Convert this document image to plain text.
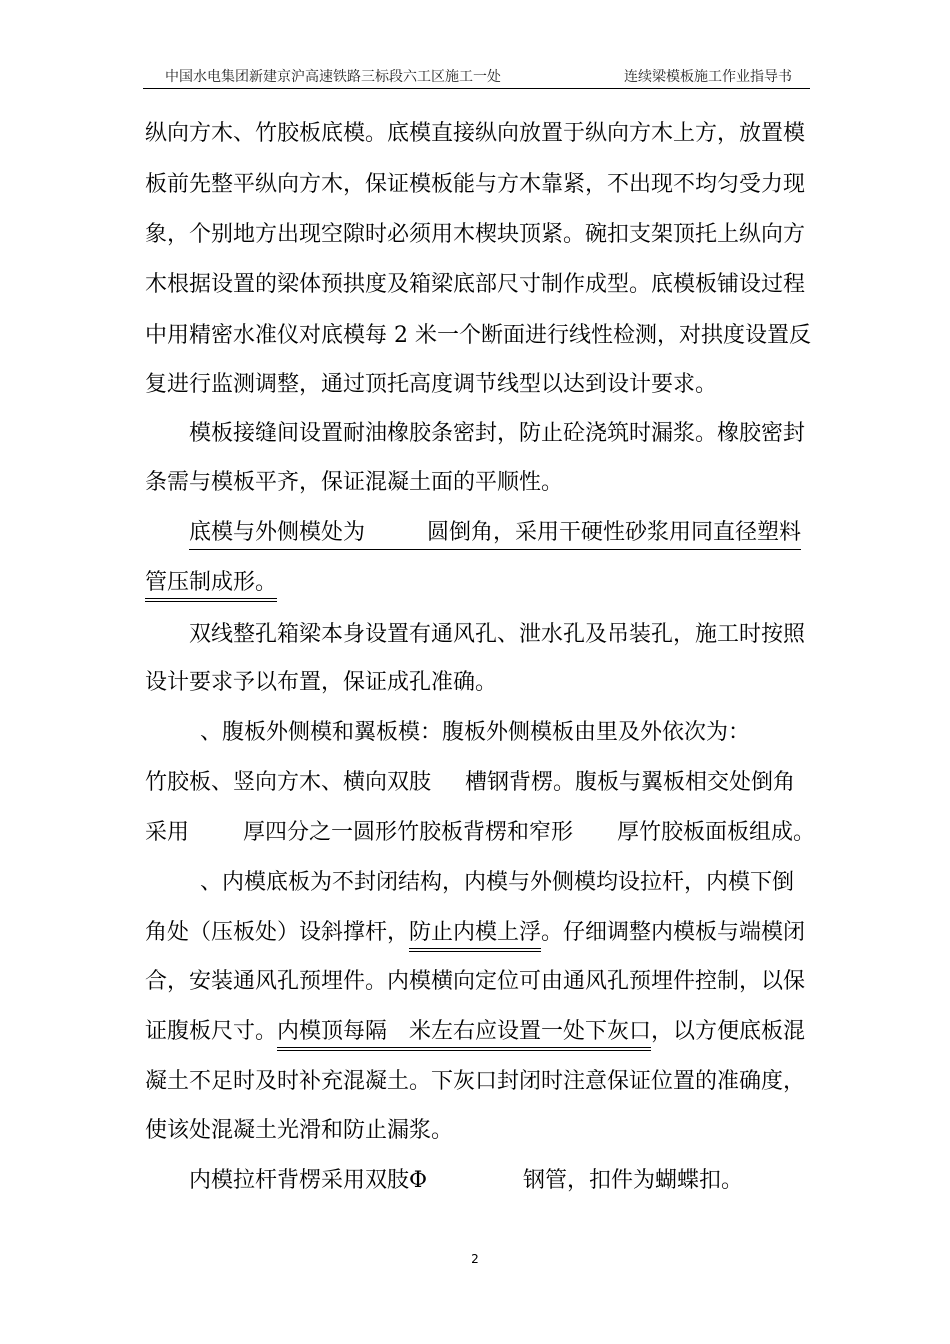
中国水电集团新建京沪高速铁路三标段六工区施工一处	连续梁模板施工作业指导书
纵向方木、竹胶板底模。底模直接纵向放置于纵向方木上方，放置模
板前先整平纵向方木，保证模板能与方木靠紧，不出现不均匀受力现
象，个别地方出现空隙时必须用木楔块顶紧。碗扣支架顶托上纵向方
木根据设置的梁体预拱度及箱梁底部尺寸制作成型。底模板铺设过程
中用精密水准仪对底模每 2 米一个断面进行线性检测，对拱度设置反
复进行监测调整，通过顶托高度调节线型以达到设计要求。
模板接缝间设置耐油橡胶条密封，防止砼浇筑时漏浆。橡胶密封
条需与模板平齐，保证混凝土面的平顺性。
底模与外侧模处为	圆倒角，采用干硬性砂浆用同直径塑料
管压制成形。
双线整孔箱梁本身设置有通风孔、泄水孔及吊装孔，施工时按照
设计要求予以布置，保证成孔准确。
、腹板外侧模和翼板模：腹板外侧模板由里及外依次为：
竹胶板、竖向方木、横向双肢 槽钢背楞。腹板与翼板相交处倒角
采用 厚四分之一圆形竹胶板背楞和窄形 厚竹胶板面板组成。
、内模底板为不封闭结构，内模与外侧模均设拉杆，内模下倒
角处（压板处）设斜撑杆，防止内模上浮。仔细调整内模板与端模闭
合，安装通风孔预埋件。内模横向定位可由通风孔预埋件控制，以保
证腹板尺寸。内模顶每隔 米左右应设置一处下灰口，以方便底板混
凝土不足时及时补充混凝土。下灰口封闭时注意保证位置的准确度，
使该处混凝土光滑和防止漏浆。
内模拉杆背楞采用双肢Φ	钢管，扣件为蝴蝶扣。
2
